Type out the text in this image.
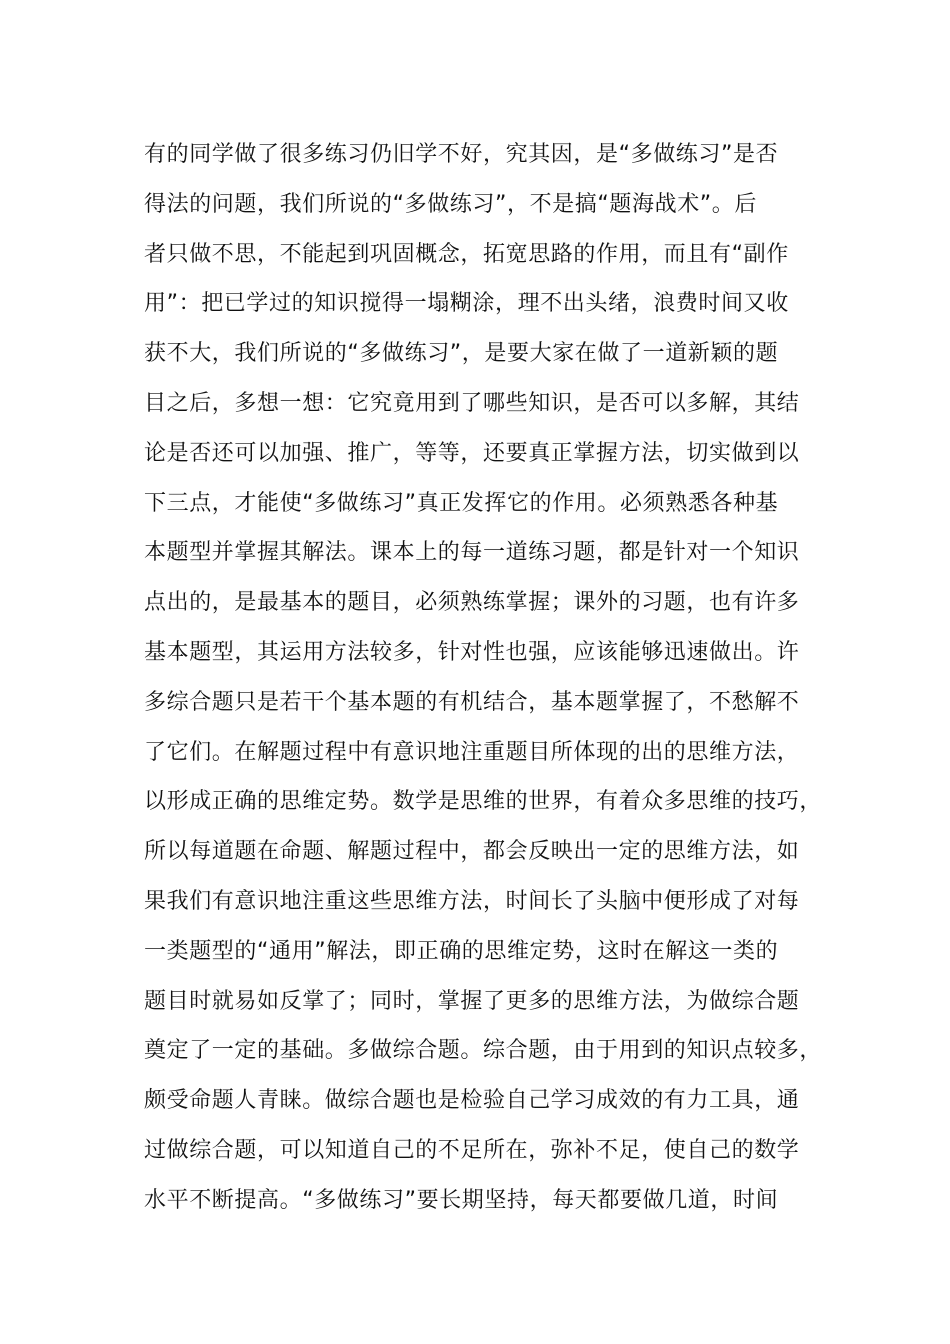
有的同学做了很多练习仍旧学不好，究其因，是“多做练习”是否
得法的问题，我们所说的“多做练习”，不是搞“题海战术”。后
者只做不思，不能起到巩固概念，拓宽思路的作用，而且有“副作
用”：把已学过的知识搅得一塌糊涂，理不出头绪，浪费时间又收
获不大，我们所说的“多做练习”，是要大家在做了一道新颖的题
目之后，多想一想：它究竟用到了哪些知识，是否可以多解，其结
论是否还可以加强、推广，等等，还要真正掌握方法，切实做到以
下三点，才能使“多做练习”真正发挥它的作用。必须熟悉各种基
本题型并掌握其解法。课本上的每一道练习题，都是针对一个知识
点出的，是最基本的题目，必须熟练掌握；课外的习题，也有许多
基本题型，其运用方法较多，针对性也强，应该能够迅速做出。许
多综合题只是若干个基本题的有机结合，基本题掌握了，不愁解不
了它们。在解题过程中有意识地注重题目所体现的出的思维方法，
以形成正确的思维定势。数学是思维的世界，有着众多思维的技巧，
所以每道题在命题、解题过程中，都会反映出一定的思维方法，如
果我们有意识地注重这些思维方法，时间长了头脑中便形成了对每
一类题型的“通用”解法，即正确的思维定势，这时在解这一类的
题目时就易如反掌了；同时，掌握了更多的思维方法，为做综合题
奠定了一定的基础。多做综合题。综合题，由于用到的知识点较多，
颇受命题人青睐。做综合题也是检验自己学习成效的有力工具，通
过做综合题，可以知道自己的不足所在，弥补不足，使自己的数学
水平不断提高。“多做练习”要长期坚持，每天都要做几道，时间
